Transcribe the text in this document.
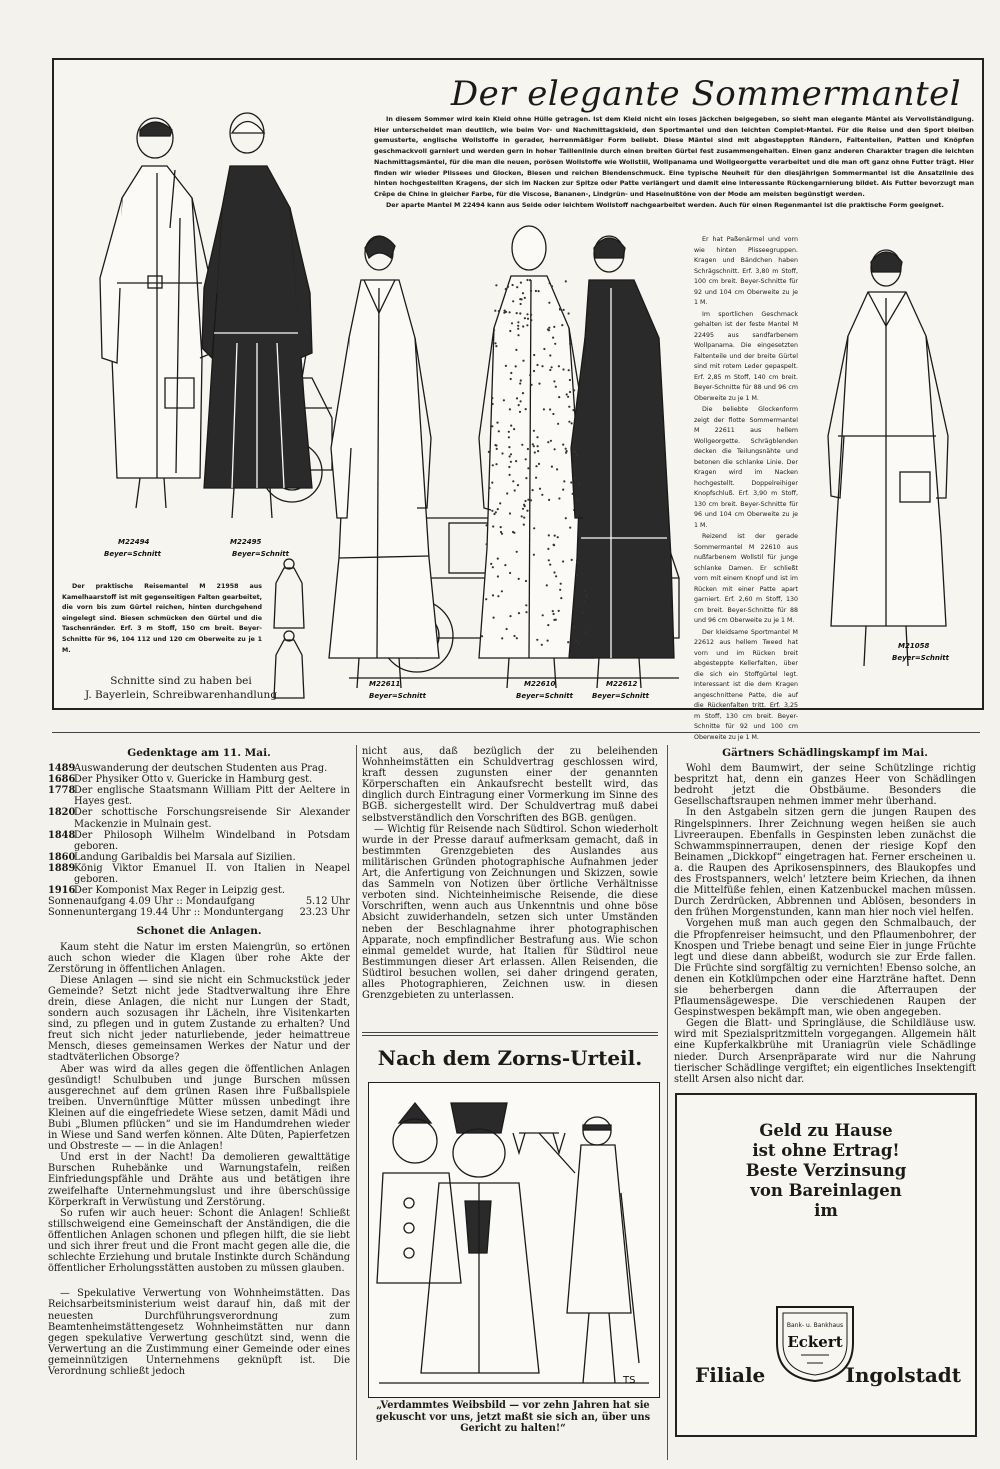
Der elegante Sommermantel

In diesem Sommer wird kein Kleid ohne Hülle getragen. Ist dem Kleid nicht ein loses Jäckchen beigegeben, so sieht man elegante Mäntel als Vervollständigung. Hier unterscheidet man deutlich, wie beim Vor- und Nachmittagskleid, den Sportmantel und den leichten Complet-Mantel. Für die Reise und den Sport bleiben gemusterte, englische Wollstoffe in gerader, herrenmäßiger Form beliebt. Diese Mäntel sind mit abgesteppten Rändern, Faltenteilen, Patten und Knöpfen geschmackvoll garniert und werden gern in hoher Taillenlinie durch einen breiten Gürtel fest zusammengehalten. Einen ganz anderen Charakter tragen die leichten Nachmittagsmäntel, für die man die neuen, porösen Wollstoffe wie Wollstiil, Wollpanama und Wollgeorgette verarbeitet und die man oft ganz ohne Futter trägt. Hier finden wir wieder Plissees und Glocken, Biesen und reichen Blendenschmuck. Eine typische Neuheit für den diesjährigen Sommermantel ist die Ansatzlinie des hinten hochgestellten Kragens, der sich im Nacken zur Spitze oder Patte verlängert und damit eine interessante Rückengarnierung bildet. Als Futter bevorzugt man Crêpe de Chine in gleicher Farbe, für die Viscose, Bananen-, Lindgrün- und Haselnußtöne von der Mode am meisten begünstigt werden.

Der aparte Mantel M 22494 kann aus Seide oder leichtem Wollstoff nachgearbeitet werden. Auch für einen Regenmantel ist die praktische Form geeignet.

M22494	M22495
Beyer=Schnitt	Beyer=Schnitt

Der praktische Reisemantel M 21958 aus Kamelhaarstoff ist mit gegenseitigen Falten gearbeitet, die vorn bis zum Gürtel reichen, hinten durchgehend eingelegt sind. Biesen schmücken den Gürtel und die Taschenränder. Erf. 3 m Stoff, 150 cm breit. Beyer-Schnitte für 96, 104 112 und 120 cm Oberweite zu je 1 M.

Schnitte sind zu haben bei
J. Bayerlein, Schreibwarenhandlung
M22611	M22610	M22612
Beyer=Schnitt	Beyer=Schnitt	Beyer=Schnitt

Er hat Paßenärmel und vorn wie hinten Plisseegruppen. Kragen und Bändchen haben Schrägschnitt. Erf. 3,80 m Stoff, 100 cm breit. Beyer-Schnitte für 92 und 104 cm Oberweite zu je 1 M.

Im sportlichen Geschmack gehalten ist der feste Mantel M 22495 aus sandfarbenem Wollpanama. Die eingesetzten Faltenteile und der breite Gürtel sind mit rotem Leder gepaspelt. Erf. 2,85 m Stoff, 140 cm breit. Beyer-Schnitte für 88 und 96 cm Oberweite zu je 1 M.

Die beliebte Glockenform zeigt der flotte Sommermantel M 22611 aus hellem Wollgeorgette. Schrägblenden decken die Teilungsnähte und betonen die schlanke Linie. Der Kragen wird im Nacken hochgestellt. Doppelreihiger Knopfschluß. Erf. 3,90 m Stoff, 130 cm breit. Beyer-Schnitte für 96 und 104 cm Oberweite zu je 1 M.

Reizend ist der gerade Sommermantel M 22610 aus nußfarbenem Wollstil für junge schlanke Damen. Er schließt vorn mit einem Knopf und ist im Rücken mit einer Patte apart garniert. Erf. 2,60 m Stoff, 130 cm breit. Beyer-Schnitte für 88 und 96 cm Oberweite zu je 1 M.

Der kleidsame Sportmantel M 22612 aus hellem Tweed hat vorn und im Rücken breit abgesteppte Kellerfalten, über die sich ein Stoffgürtel legt. Interessant ist die dem Kragen angeschnittene Patte, die auf die Rückenfalten tritt. Erf. 3,25 m Stoff, 130 cm breit. Beyer-Schnitte für 92 und 100 cm Oberweite zu je 1 M.

M21058
Beyer=Schnitt
Gedenktage am 11. Mai.
1489
Auswanderung der deutschen Studenten aus Prag.
1686
Der Physiker Otto v. Guericke in Hamburg gest.
1778
Der englische Staatsmann William Pitt der Aeltere in Hayes gest.
1820
Der schottische Forschungsreisende Sir Alexander Mackenzie in Mulnain gest.
1848
Der Philosoph Wilhelm Windelband in Potsdam geboren.
1860
Landung Garibaldis bei Marsala auf Sizilien.
1889
König Viktor Emanuel II. von Italien in Neapel geboren.
1916
Der Komponist Max Reger in Leipzig gest.
Sonnenaufgang 4.09 Uhr :: Mondaufgang	5.12 Uhr
Sonnenuntergang 19.44 Uhr :: Monduntergang 23.23 Uhr
Schonet die Anlagen.

Kaum steht die Natur im ersten Maiengrün, so ertönen auch schon wieder die Klagen über rohe Akte der Zerstörung in öffentlichen Anlagen.

Diese Anlagen — sind sie nicht ein Schmuckstück jeder Gemeinde? Setzt nicht jede Stadtverwaltung ihre Ehre drein, diese Anlagen, die nicht nur Lungen der Stadt, sondern auch sozusagen ihr Lächeln, ihre Visitenkarten sind, zu pflegen und in gutem Zustande zu erhalten? Und freut sich nicht jeder naturliebende, jeder heimattreue Mensch, dieses gemeinsamen Werkes der Natur und der stadtväterlichen Obsorge?

Aber was wird da alles gegen die öffentlichen Anlagen gesündigt! Schulbuben und junge Burschen müssen ausgerechnet auf dem grünen Rasen ihre Fußballspiele treiben. Unvernünftige Mütter müssen unbedingt ihre Kleinen auf die eingefriedete Wiese setzen, damit Mädi und Bubi „Blumen pflücken“ und sie im Handumdrehen wieder in Wiese und Sand werfen können. Alte Düten, Papierfetzen und Obstreste — — in die Anlagen!

Und erst in der Nacht! Da demolieren gewalttätige Burschen Ruhebänke und Warnungstafeln, reißen Einfriedungspfähle und Drähte aus und betätigen ihre zweifelhafte Unternehmungslust und ihre überschüssige Körperkraft in Verwüstung und Zerstörung.

So rufen wir auch heuer: Schont die Anlagen! Schließt stillschweigend eine Gemeinschaft der Anständigen, die die öffentlichen Anlagen schonen und pflegen hilft, die sie liebt und sich ihrer freut und die Front macht gegen alle die, die schlechte Erziehung und brutale Instinkte durch Schändung öffentlicher Erholungsstätten austoben zu müssen glauben.

— Spekulative Verwertung von Wohnheimstätten. Das Reichsarbeitsministerium weist darauf hin, daß mit der neuesten Durchführungsverordnung zum Beamtenheimstättengesetz Wohnheimstätten nur dann gegen spekulative Verwertung geschützt sind, wenn die Verwertung an die Zustimmung einer Gemeinde oder eines gemeinnützigen Unternehmens geknüpft ist. Die Verordnung schließt jedoch

nicht aus, daß bezüglich der zu beleihenden Wohnheimstätten ein Schuldvertrag geschlossen wird, kraft dessen zugunsten einer der genannten Körperschaften ein Ankaufsrecht bestellt wird, das dinglich durch Eintragung einer Vormerkung im Sinne des BGB. sichergestellt wird. Der Schuldvertrag muß dabei selbstverständlich den Vorschriften des BGB. genügen.

— Wichtig für Reisende nach Südtirol. Schon wiederholt wurde in der Presse darauf aufmerksam gemacht, daß in bestimmten Grenzgebieten des Auslandes aus militärischen Gründen photographische Aufnahmen jeder Art, die Anfertigung von Zeichnungen und Skizzen, sowie das Sammeln von Notizen über örtliche Verhältnisse verboten sind. Nichteinheimische Reisende, die diese Vorschriften, wenn auch aus Unkenntnis und ohne böse Absicht zuwiderhandeln, setzen sich unter Umständen neben der Beschlagnahme ihrer photographischen Apparate, noch empfindlicher Bestrafung aus. Wie schon einmal gemeldet wurde, hat Italien für Südtirol neue Bestimmungen dieser Art erlassen. Allen Reisenden, die Südtirol besuchen wollen, sei daher dringend geraten, alles Photographieren, Zeichnen usw. in diesen Grenzgebieten zu unterlassen.

Nach dem Zorns-Urteil.
TS
„Verdammtes Weibsbild — vor zehn Jahren hat sie gekuscht vor uns, jetzt maßt sie sich an, über uns Gericht zu halten!“
Gärtners Schädlingskampf im Mai.

Wohl dem Baumwirt, der seine Schützlinge richtig bespritzt hat, denn ein ganzes Heer von Schädlingen bedroht jetzt die Obstbäume. Besonders die Gesellschaftsraupen nehmen immer mehr überhand.

In den Astgabeln sitzen gern die jungen Raupen des Ringelspinners. Ihrer Zeichnung wegen heißen sie auch Livreeraupen. Ebenfalls in Gespinsten leben zunächst die Schwammspinnerraupen, denen der riesige Kopf den Beinamen „Dickkopf“ eingetragen hat. Ferner erscheinen u. a. die Raupen des Aprikosenspinners, des Blaukopfes und des Frostspanners, welch' letztere beim Kriechen, da ihnen die Mittelfüße fehlen, einen Katzenbuckel machen müssen. Durch Zerdrücken, Abbrennen und Ablösen, besonders in den frühen Morgenstunden, kann man hier noch viel helfen.

Vorgehen muß man auch gegen den Schmalbauch, der die Pfropfenreiser heimsucht, und den Pflaumenbohrer, der Knospen und Triebe benagt und seine Eier in junge Früchte legt und diese dann abbeißt, wodurch sie zur Erde fallen. Die Früchte sind sorgfältig zu vernichten! Ebenso solche, an denen ein Kotklümpchen oder eine Harzträne haftet. Denn sie beherbergen dann die Afterraupen der Pflaumensägewespe. Die verschiedenen Raupen der Gespinstwespen bekämpft man, wie oben angegeben.

Gegen die Blatt- und Springläuse, die Schildläuse usw. wird mit Spezialspritzmitteln vorgegangen. Allgemein hält eine Kupferkalkbrühe mit Uraniagrün viele Schädlinge nieder. Durch Arsenpräparate wird nur die Nahrung tierischer Schädlinge vergiftet; ein eigentliches Insektengift stellt Arsen also nicht dar.

Geld zu Hause
ist ohne Ertrag!
Beste Verzinsung
von Bareinlagen
im
Bank- u. Bankhaus
Eckert
Filiale	Ingolstadt
